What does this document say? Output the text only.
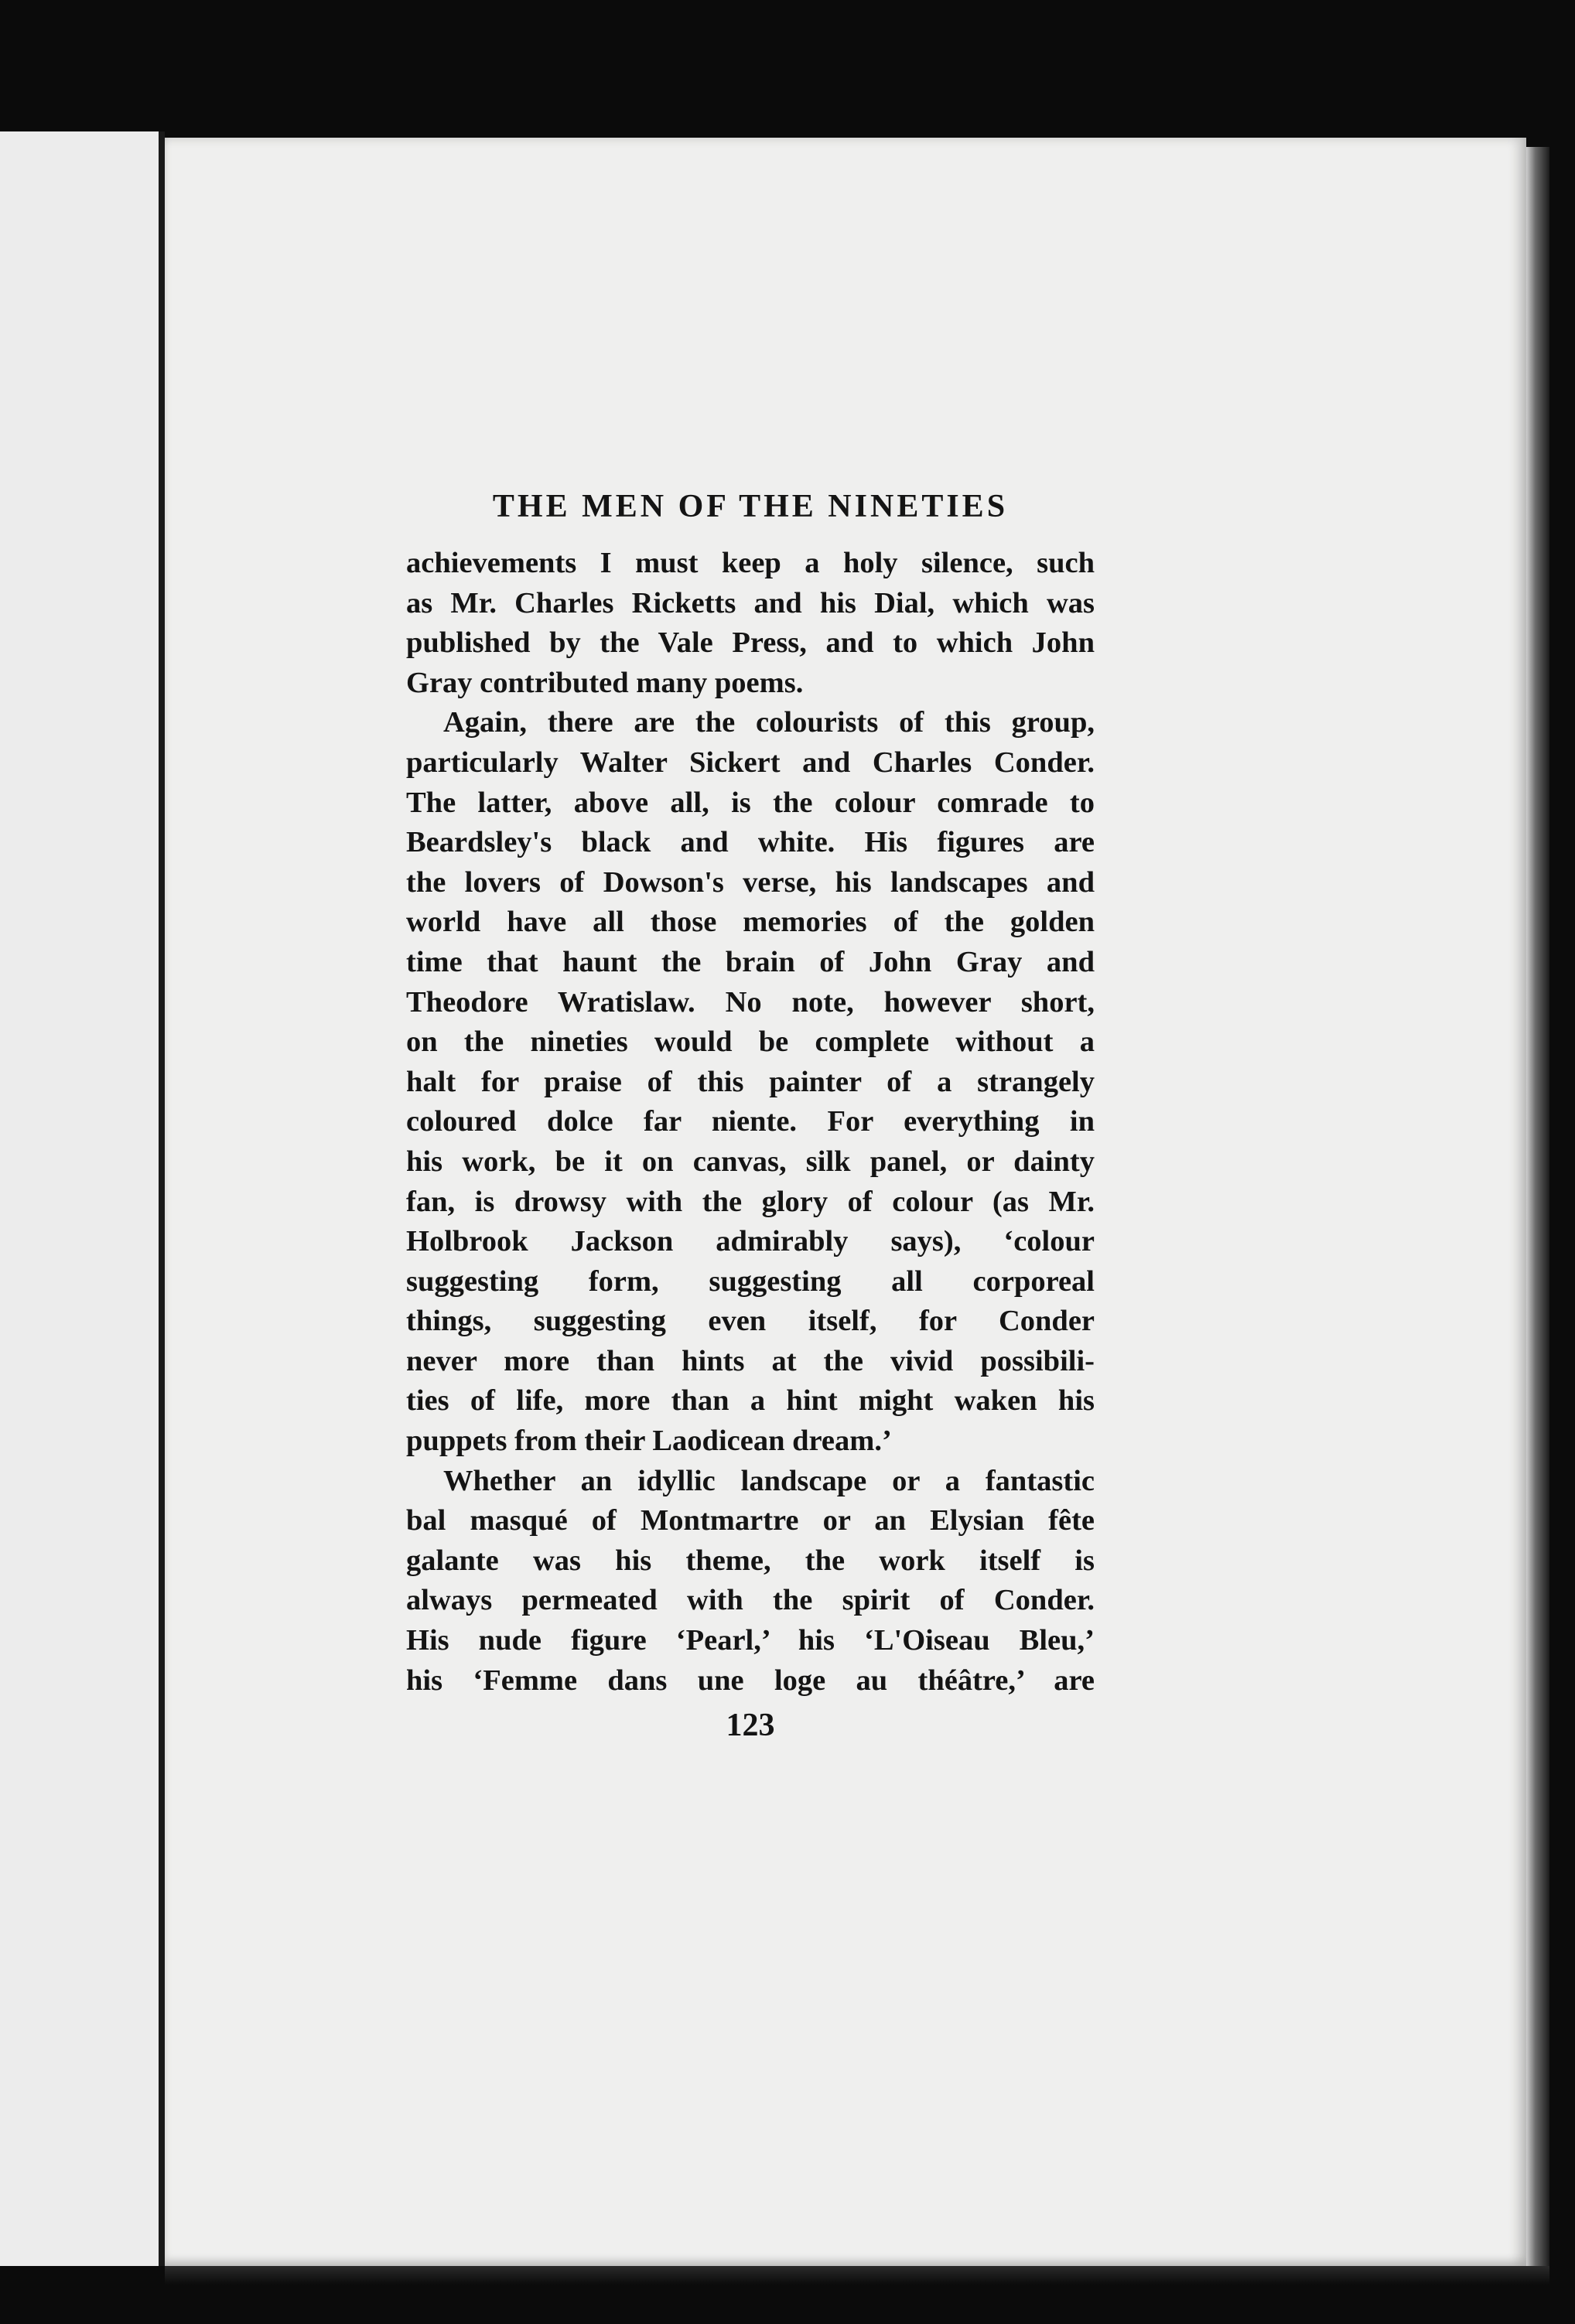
THE MEN OF THE NINETIES
achievements I must keep a holy silence, such
as Mr. Charles Ricketts and his Dial, which was
published by the Vale Press, and to which John
Gray contributed many poems.
Again, there are the colourists of this group,
particularly Walter Sickert and Charles Conder.
The latter, above all, is the colour comrade to
Beardsley's black and white. His figures are
the lovers of Dowson's verse, his landscapes and
world have all those memories of the golden
time that haunt the brain of John Gray and
Theodore Wratislaw. No note, however short,
on the nineties would be complete without a
halt for praise of this painter of a strangely
coloured dolce far niente. For everything in
his work, be it on canvas, silk panel, or dainty
fan, is drowsy with the glory of colour (as Mr.
Holbrook Jackson admirably says), ‘colour
suggesting form, suggesting all corporeal
things, suggesting even itself, for Conder
never more than hints at the vivid possibili-
ties of life, more than a hint might waken his
puppets from their Laodicean dream.’
Whether an idyllic landscape or a fantastic
bal masqué of Montmartre or an Elysian fête
galante was his theme, the work itself is
always permeated with the spirit of Conder.
His nude figure ‘Pearl,’ his ‘L'Oiseau Bleu,’
his ‘Femme dans une loge au théâtre,’ are
123
